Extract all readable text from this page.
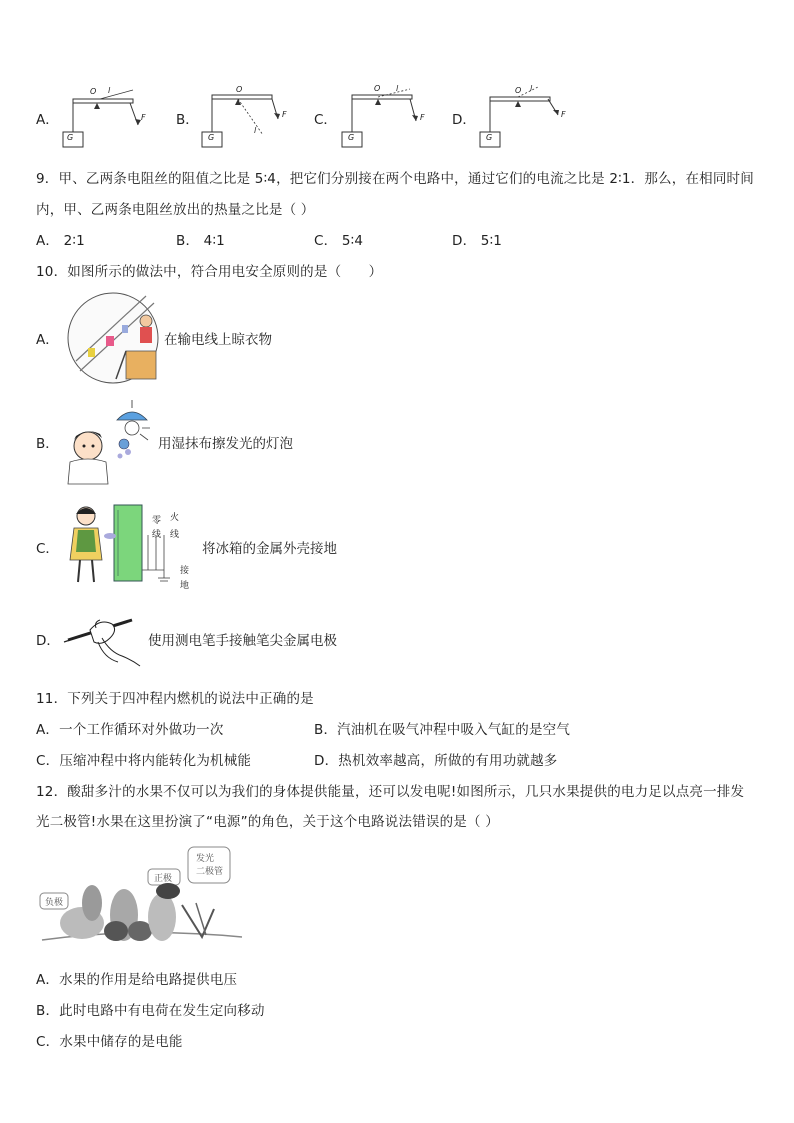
A．
O l
F
G
B．
O
l
F
G
C．
O l
F
G
D．
O l
F
G
9．甲、乙两条电阻丝的阻值之比是 5∶4，把它们分别接在两个电路中，通过它们的电流之比是 2∶1．那么，在相同时间
内，甲、乙两条电阻丝放出的热量之比是（ ）
A． 2∶1	B． 4∶1	C． 5∶4	D． 5∶1
10．如图所示的做法中，符合用电安全原则的是（　　）
A．	在输电线上晾衣物
B．	用湿抹布擦发光的灯泡
C．
零
线
火
线
接
地
将冰箱的金属外壳接地
D．	使用测电笔手接触笔尖金属电极
11．下列关于四冲程内燃机的说法中正确的是
A．一个工作循环对外做功一次	B．汽油机在吸气冲程中吸入气缸的是空气
C．压缩冲程中将内能转化为机械能	D．热机效率越高，所做的有用功就越多
12．酸甜多汁的水果不仅可以为我们的身体提供能量，还可以发电呢!如图所示，几只水果提供的电力足以点亮一排发
光二极管!水果在这里扮演了“电源”的角色，关于这个电路说法错误的是（ ）
负极
正极
发光
二极管
A．水果的作用是给电路提供电压
B．此时电路中有电荷在发生定向移动
C．水果中储存的是电能
